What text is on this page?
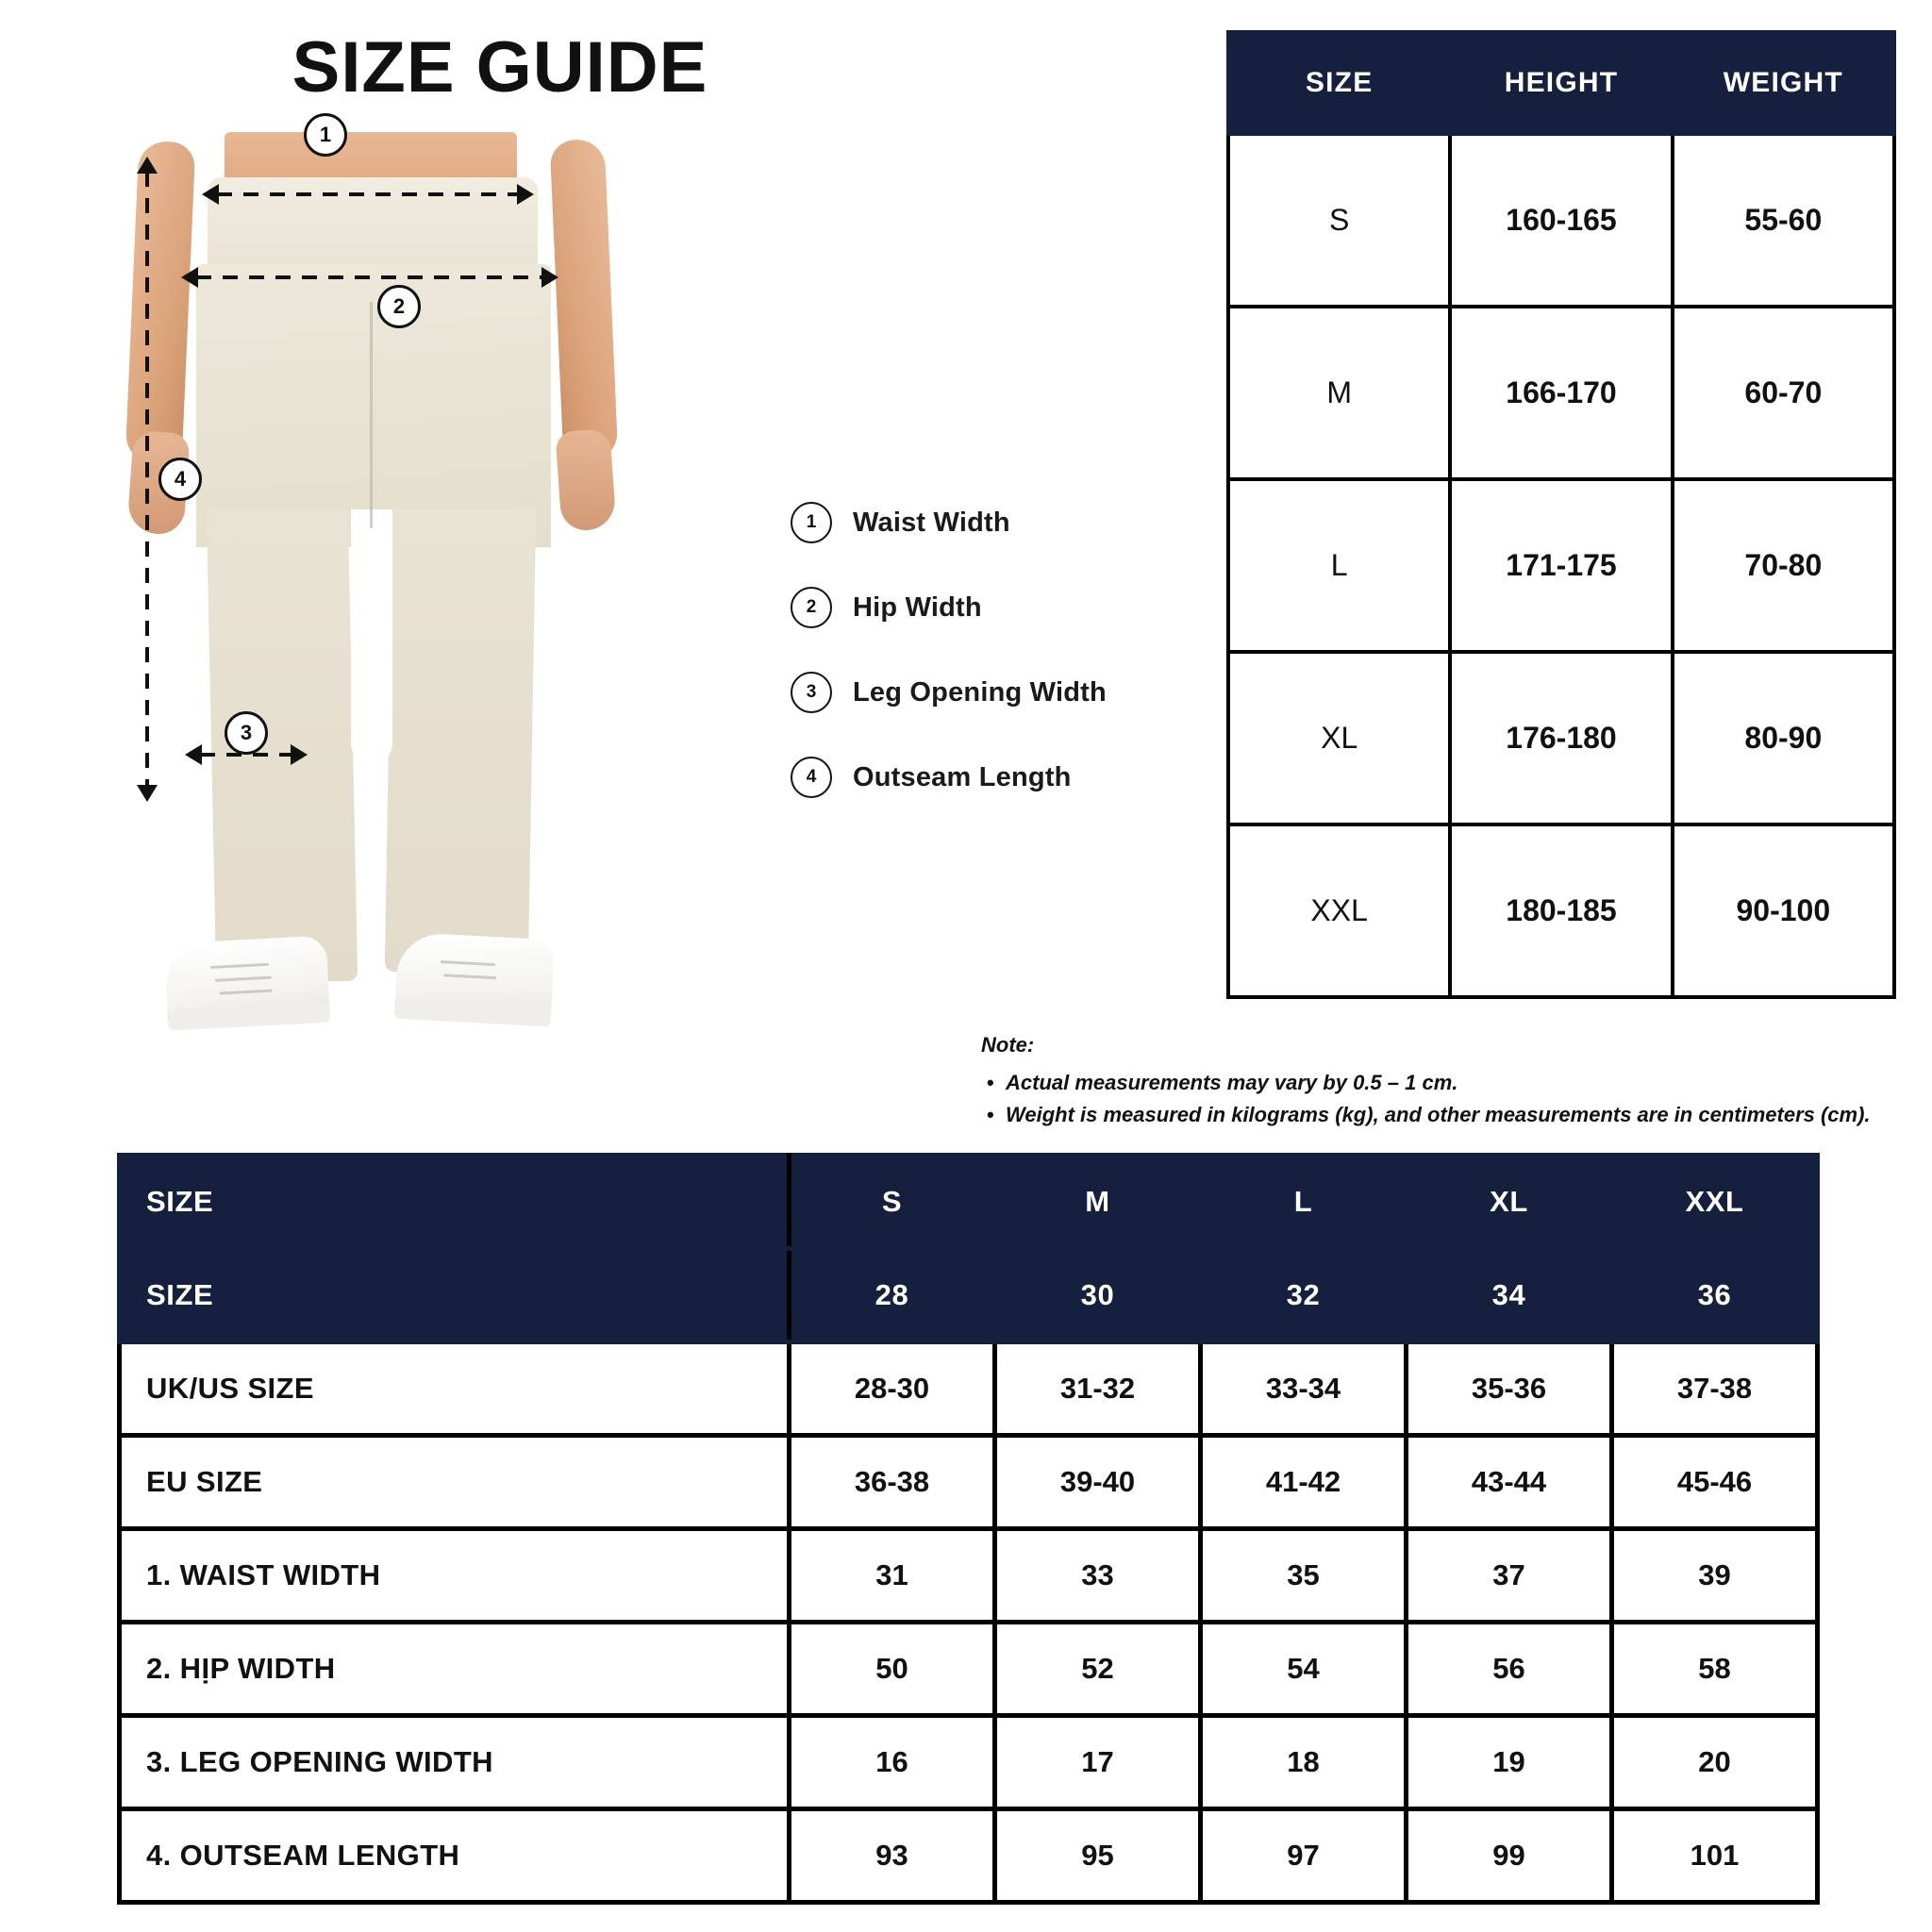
SIZE GUIDE
1
2
4
3
1	Waist Width
2	Hip Width
3	Leg Opening Width
4	Outseam Length
SIZE	HEIGHT	WEIGHT
S	160-165	55-60
M	166-170	60-70
L	171-175	70-80
XL	176-180	80-90
XXL	180-185	90-100
Note:
• Actual measurements may vary by 0.5 – 1 cm.
• Weight is measured in kilograms (kg), and other measurements are in centimeters (cm).
SIZE	S	M	L	XL	XXL
SIZE	28	30	32	34	36
UK/US SIZE	28-30	31-32	33-34	35-36	37-38
EU SIZE	36-38	39-40	41-42	43-44	45-46
1. WAIST WIDTH	31	33	35	37	39
2. HỊP WIDTH	50	52	54	56	58
3. LEG OPENING WIDTH	16	17	18	19	20
4. OUTSEAM LENGTH	93	95	97	99	101
